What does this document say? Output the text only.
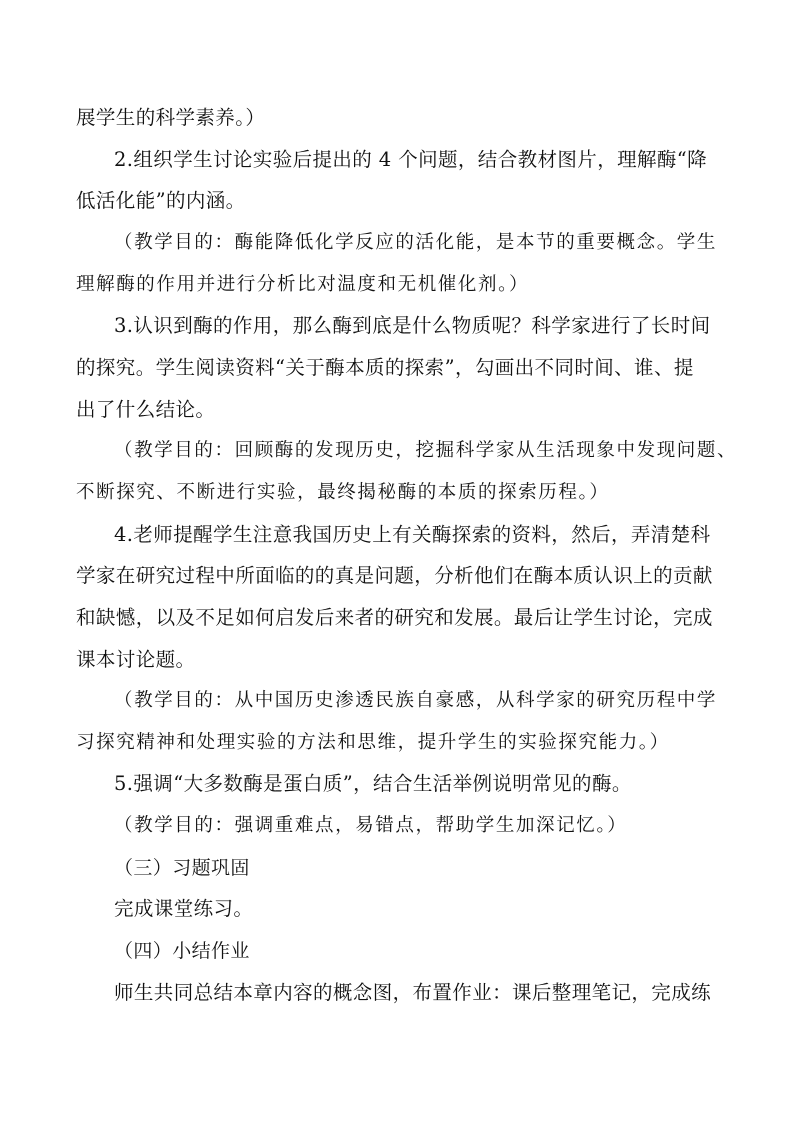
展学生的科学素养。）
2.组织学生讨论实验后提出的 4 个问题，结合教材图片，理解酶“降
低活化能”的内涵。
（教学目的：酶能降低化学反应的活化能，是本节的重要概念。学生
理解酶的作用并进行分析比对温度和无机催化剂。）
3.认识到酶的作用，那么酶到底是什么物质呢？科学家进行了长时间
的探究。学生阅读资料“关于酶本质的探索”，勾画出不同时间、谁、提
出了什么结论。
（教学目的：回顾酶的发现历史，挖掘科学家从生活现象中发现问题、
不断探究、不断进行实验，最终揭秘酶的本质的探索历程。）
4.老师提醒学生注意我国历史上有关酶探索的资料，然后，弄清楚科
学家在研究过程中所面临的的真是问题，分析他们在酶本质认识上的贡献
和缺憾，以及不足如何启发后来者的研究和发展。最后让学生讨论，完成
课本讨论题。
（教学目的：从中国历史渗透民族自豪感，从科学家的研究历程中学
习探究精神和处理实验的方法和思维，提升学生的实验探究能力。）
5.强调“大多数酶是蛋白质”，结合生活举例说明常见的酶。
（教学目的：强调重难点，易错点，帮助学生加深记忆。）
（三）习题巩固
完成课堂练习。
（四）小结作业
师生共同总结本章内容的概念图，布置作业：课后整理笔记，完成练
